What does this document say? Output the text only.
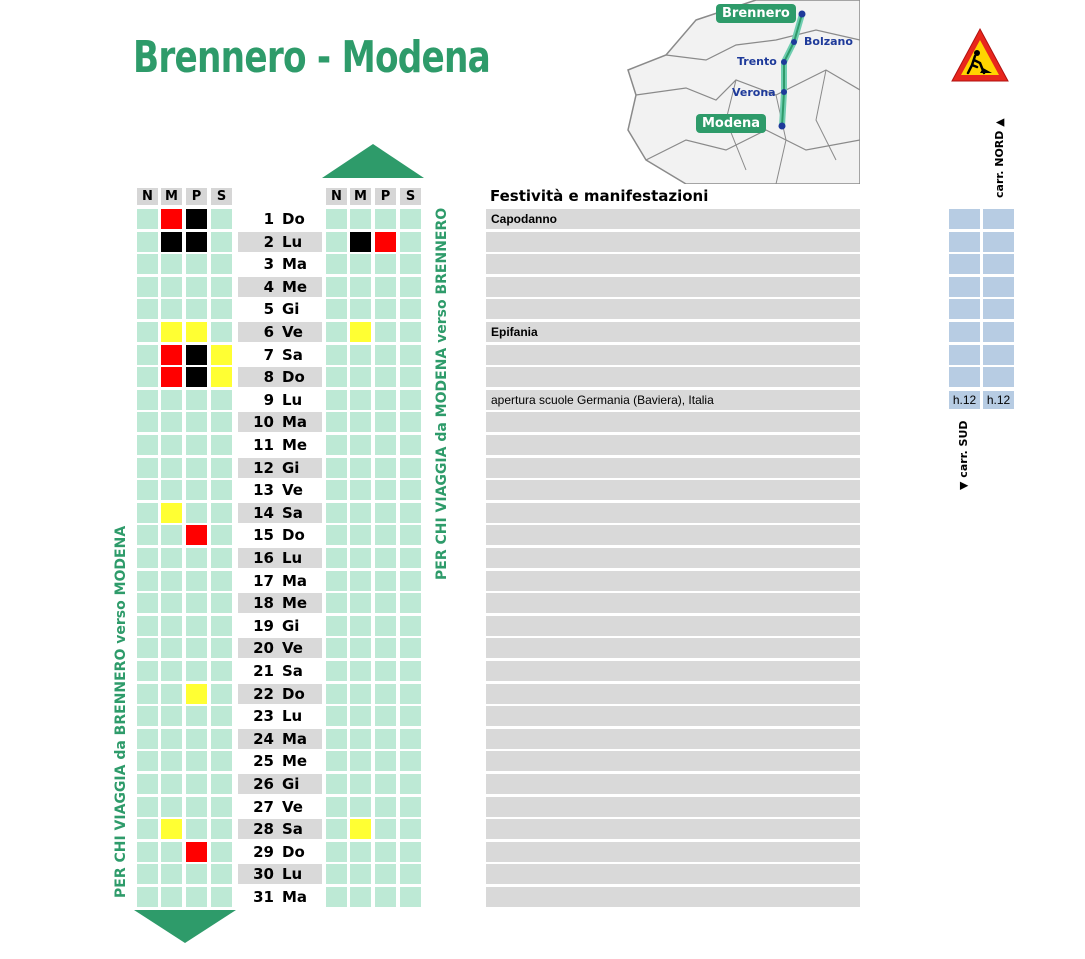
Brennero - Modena
Brennero
Bolzano
Trento
Verona
Modena
N M	P	S	N M	P	S	Festività e manifestazioni
1 Do	Capodanno
2 Lu
3 Ma
4 Me
5 Gi
6 Ve	Epifania
7 Sa
8 Do
9 Lu	apertura scuole Germania (Baviera), Italia
10 Ma
11 Me
12 Gi
13 Ve
14 Sa
15 Do
16 Lu
17 Ma
18 Me
19 Gi
20 Ve
21 Sa
22 Do
23 Lu
24 Ma
25 Me
26 Gi
27 Ve
28 Sa
29 Do
30 Lu
31 Ma
PER CHI VIAGGIA da BRENNERO verso MODENA
PER CHI VIAGGIA da MODENA verso BRENNERO
carr. NORD ▲
h.12 h.12
▼ carr. SUD
